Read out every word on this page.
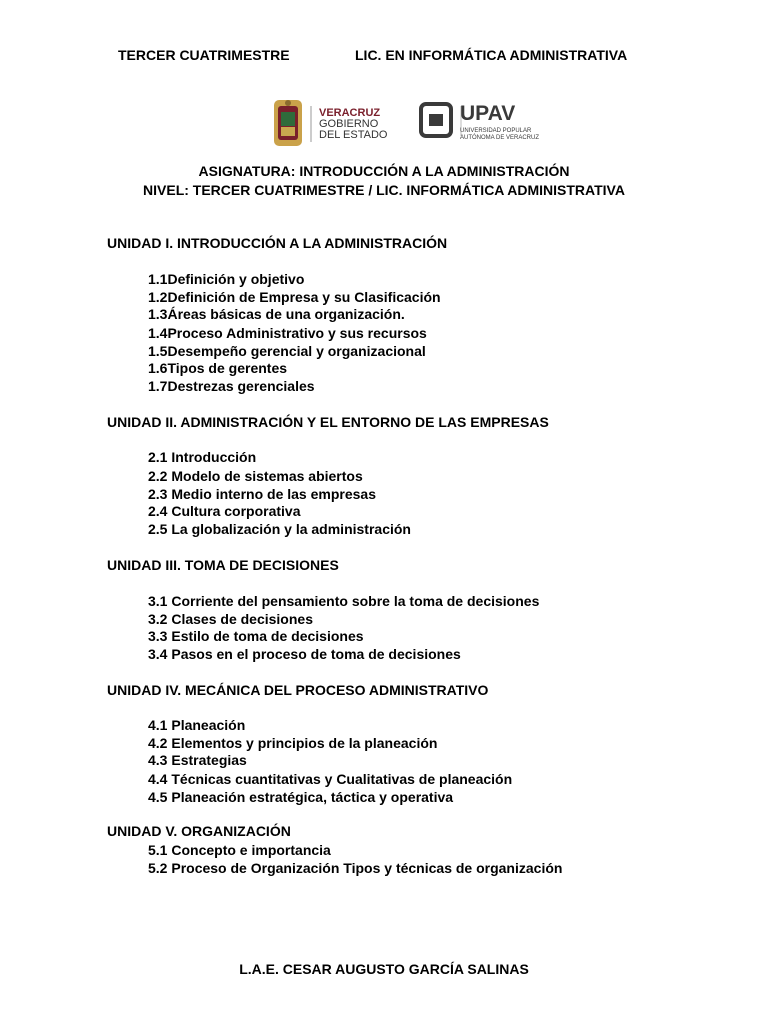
TERCER CUATRIMESTRE	LIC. EN INFORMÁTICA ADMINISTRATIVA
VERACRUZ
GOBIERNO
DEL ESTADO
UPAV
UNIVERSIDAD POPULAR
AUTÓNOMA DE VERACRUZ
ASIGNATURA: INTRODUCCIÓN A LA ADMINISTRACIÓN
NIVEL: TERCER CUATRIMESTRE / LIC. INFORMÁTICA ADMINISTRATIVA
UNIDAD I. INTRODUCCIÓN A LA ADMINISTRACIÓN
1.1Definición y objetivo
1.2Definición de Empresa y su Clasificación
1.3Áreas básicas de una organización.
1.4Proceso Administrativo y sus recursos
1.5Desempeño gerencial y organizacional
1.6Tipos de gerentes
1.7Destrezas gerenciales
UNIDAD II. ADMINISTRACIÓN Y EL ENTORNO DE LAS EMPRESAS
2.1 Introducción
2.2 Modelo de sistemas abiertos
2.3 Medio interno de las empresas
2.4 Cultura corporativa
2.5 La globalización y la administración
UNIDAD III. TOMA DE DECISIONES
3.1 Corriente del pensamiento sobre la toma de decisiones
3.2 Clases de decisiones
3.3 Estilo de toma de decisiones
3.4 Pasos en el proceso de toma de decisiones
UNIDAD IV. MECÁNICA DEL PROCESO ADMINISTRATIVO
4.1 Planeación
4.2 Elementos y principios de la planeación
4.3 Estrategias
4.4 Técnicas cuantitativas y Cualitativas de planeación
4.5 Planeación estratégica, táctica y operativa
UNIDAD V. ORGANIZACIÓN
5.1 Concepto e importancia
5.2 Proceso de Organización Tipos y técnicas de organización
L.A.E. CESAR AUGUSTO GARCÍA SALINAS
